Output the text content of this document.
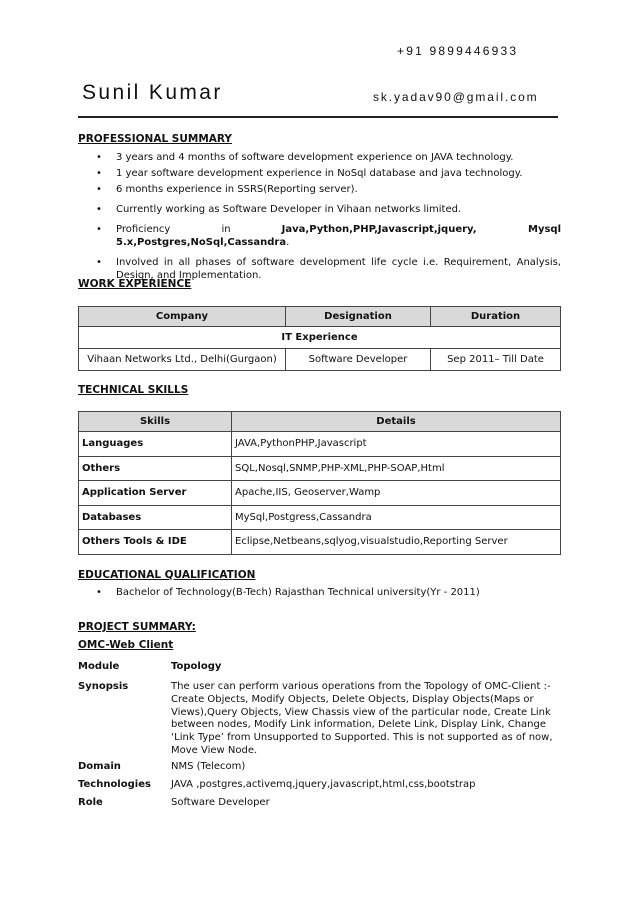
+91 9899446933
Sunil Kumar	sk.yadav90@gmail.com
PROFESSIONAL SUMMARY
• 3 years and 4 months of software development experience on JAVA technology.
• 1 year software development experience in NoSql database and java technology.
• 6 months experience in SSRS(Reporting server).
• Currently working as Software Developer in Vihaan networks limited.
• Proficiency in Java,Python,PHP,Javascript,jquery, Mysql 5.x,Postgres,NoSql,Cassandra.
• Involved in all phases of software development life cycle i.e. Requirement, Analysis, Design, and Implementation.
WORK EXPERIENCE
Company	Designation	Duration
IT Experience		
Vihaan Networks Ltd., Delhi(Gurgaon)	Software Developer	Sep 2011– Till Date
TECHNICAL SKILLS
Skills	Details
Languages	JAVA,PythonPHP,Javascript
Others	SQL,Nosql,SNMP,PHP-XML,PHP-SOAP,Html
Application Server	Apache,IIS, Geoserver,Wamp
Databases	MySql,Postgress,Cassandra
Others Tools & IDE	Eclipse,Netbeans,sqlyog,visualstudio,Reporting Server
EDUCATIONAL QUALIFICATION
• Bachelor of Technology(B-Tech) Rajasthan Technical university(Yr - 2011)
PROJECT SUMMARY:
OMC-Web Client
Module	Topology
Synopsis	The user can perform various operations from the Topology of OMC-Client :-Create Objects, Modify Objects, Delete Objects, Display Objects(Maps or Views),Query Objects, View Chassis view of the particular node, Create Link between nodes, Modify Link information, Delete Link, Display Link, Change ‘Link Type’ from Unsupported to Supported. This is not supported as of now, Move View Node.
Domain	NMS (Telecom)
Technologies JAVA ,postgres,activemq,jquery,javascript,html,css,bootstrap
Role	Software Developer
